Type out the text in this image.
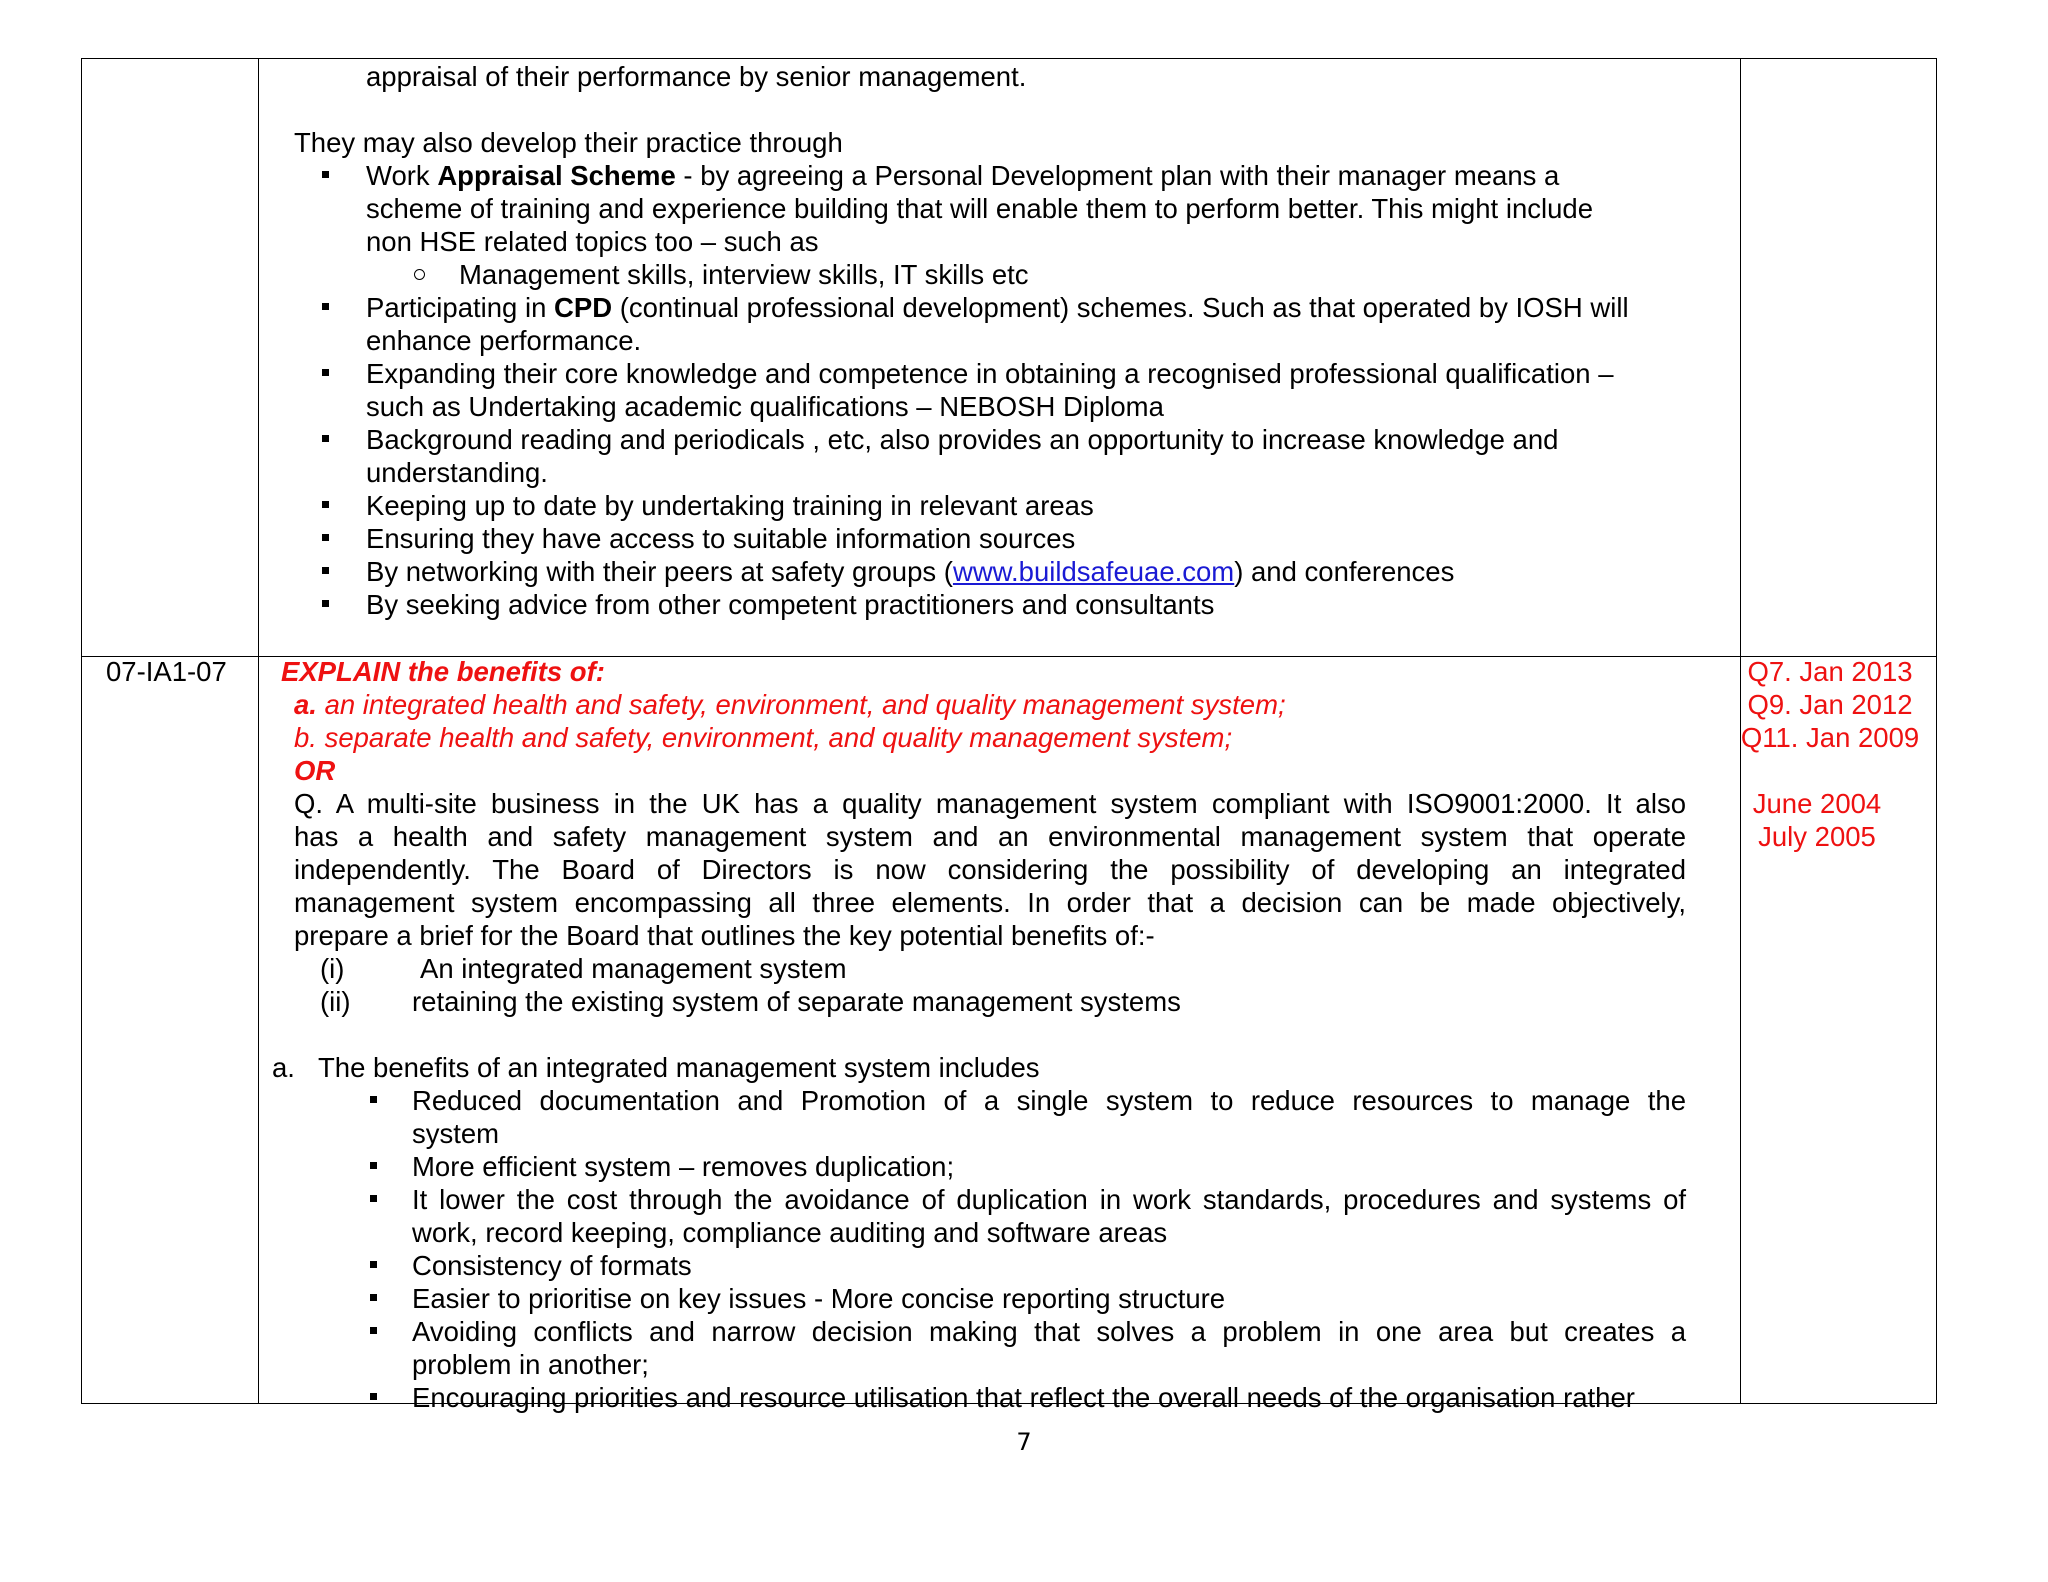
appraisal of their performance by senior management.
They may also develop their practice through
Work Appraisal Scheme - by agreeing a Personal Development plan with their manager means a
scheme of training and experience building that will enable them to perform better. This might include
non HSE related topics too – such as
Management skills, interview skills, IT skills etc
Participating in CPD (continual professional development) schemes. Such as that operated by IOSH will
enhance performance.
Expanding their core knowledge and competence in obtaining a recognised professional qualification –
such as Undertaking academic qualifications – NEBOSH Diploma
Background reading and periodicals , etc, also provides an opportunity to increase knowledge and
understanding.
Keeping up to date by undertaking training in relevant areas
Ensuring they have access to suitable information sources
By networking with their peers at safety groups (www.buildsafeuae.com) and conferences
By seeking advice from other competent practitioners and consultants
07-IA1-07 EXPLAIN the benefits of:
a. an integrated health and safety, environment, and quality management system;
b. separate health and safety, environment, and quality management system;
OR
Q. A multi-site business in the UK has a quality management system compliant with ISO9001:2000. It also
has a health and safety management system and an environmental management system that operate
independently. The Board of Directors is now considering the possibility of developing an integrated
management system encompassing all three elements. In order that a decision can be made objectively,
prepare a brief for the Board that outlines the key potential benefits of:-
(i)	An integrated management system
(ii) retaining the existing system of separate management systems
a. The benefits of an integrated management system includes
Reduced documentation and Promotion of a single system to reduce resources to manage the
system
More efficient system – removes duplication;
It lower the cost through the avoidance of duplication in work standards, procedures and systems of
work, record keeping, compliance auditing and software areas
Consistency of formats
Easier to prioritise on key issues - More concise reporting structure
Avoiding conflicts and narrow decision making that solves a problem in one area but creates a
problem in another;
Encouraging priorities and resource utilisation that reflect the overall needs of the organisation rather
Q7. Jan 2013
Q9. Jan 2012
Q11. Jan 2009
June 2004
July 2005
7
